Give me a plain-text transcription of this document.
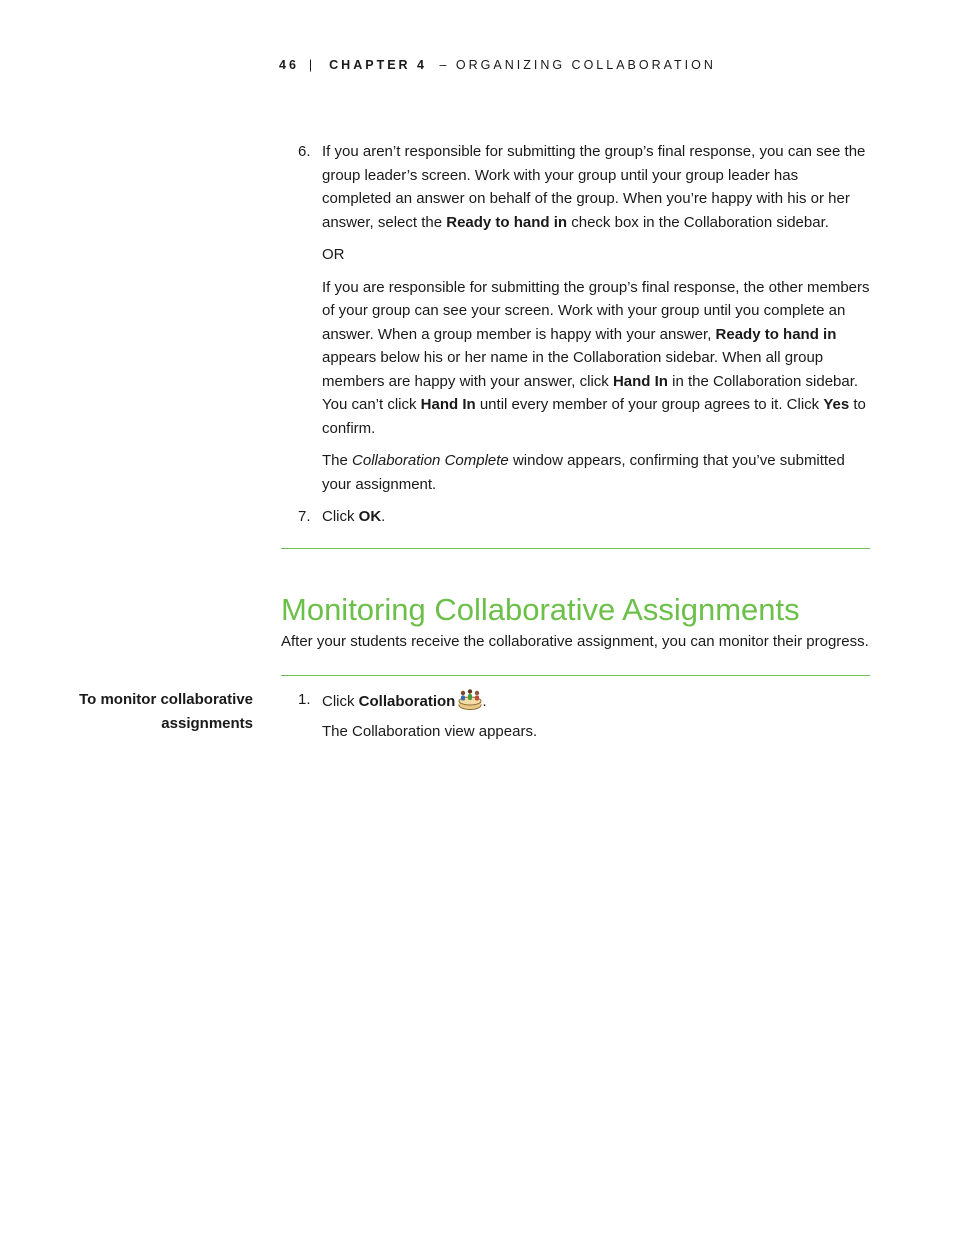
46 | CHAPTER 4 – ORGANIZING COLLABORATION
6. If you aren’t responsible for submitting the group’s final response, you can see the group leader’s screen. Work with your group until your group leader has completed an answer on behalf of the group. When you’re happy with his or her answer, select the Ready to hand in check box in the Collaboration sidebar.

OR

If you are responsible for submitting the group’s final response, the other members of your group can see your screen. Work with your group until you complete an answer. When a group member is happy with your answer, Ready to hand in appears below his or her name in the Collaboration sidebar. When all group members are happy with your answer, click Hand In in the Collaboration sidebar. You can’t click Hand In until every member of your group agrees to it. Click Yes to confirm.

The Collaboration Complete window appears, confirming that you’ve submitted your assignment.

7. Click OK.

Monitoring Collaborative Assignments
After your students receive the collaborative assignment, you can monitor their progress.
To monitor collaborative
assignments
1. Click Collaboration .

The Collaboration view appears.
